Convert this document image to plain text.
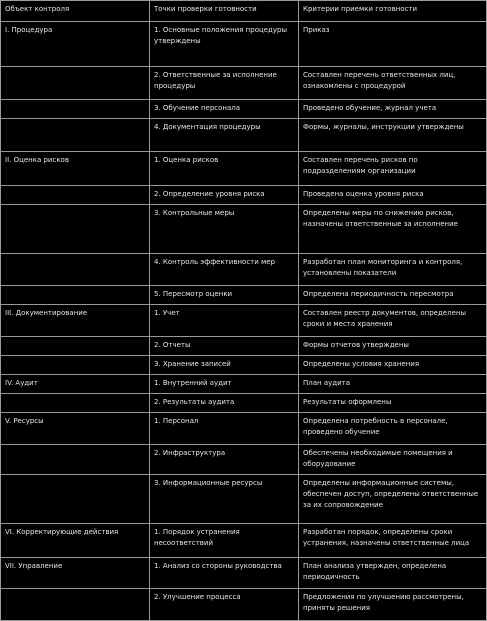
Объект контроля	Точки проверки готовности	Критерии приемки готовности
I. Процедура	1. Основные положения процедуры утверждены	Приказ
	2. Ответственные за исполнение процедуры	Составлен перечень ответственных лиц, ознакомлены с процедурой
	3. Обучение персонала	Проведено обучение, журнал учета
	4. Документация процедуры	Формы, журналы, инструкции утверждены
II. Оценка рисков	1. Оценка рисков	Составлен перечень рисков по подразделениям организации
	2. Определение уровня риска	Проведена оценка уровня риска
	3. Контрольные меры	Определены меры по снижению рисков, назначены ответственные за исполнение
	4. Контроль эффективности мер	Разработан план мониторинга и контроля, установлены показатели
	5. Пересмотр оценки	Определена периодичность пересмотра
III. Документирование	1. Учет	Составлен реестр документов, определены сроки и места хранения
	2. Отчеты	Формы отчетов утверждены
	3. Хранение записей	Определены условия хранения
IV. Аудит	1. Внутренний аудит	План аудита
	2. Результаты аудита	Результаты оформлены
V. Ресурсы	1. Персонал	Определена потребность в персонале, проведено обучение
	2. Инфраструктура	Обеспечены необходимые помещения и оборудование
	3. Информационные ресурсы	Определены информационные системы, обеспечен доступ, определены ответственные за их сопровождение
VI. Корректирующие действия	1. Порядок устранения несоответствий	Разработан порядок, определены сроки устранения, назначены ответственные лица
VII. Управление	1. Анализ со стороны руководства	План анализа утвержден, определена периодичность
	2. Улучшение процесса	Предложения по улучшению рассмотрены, приняты решения
